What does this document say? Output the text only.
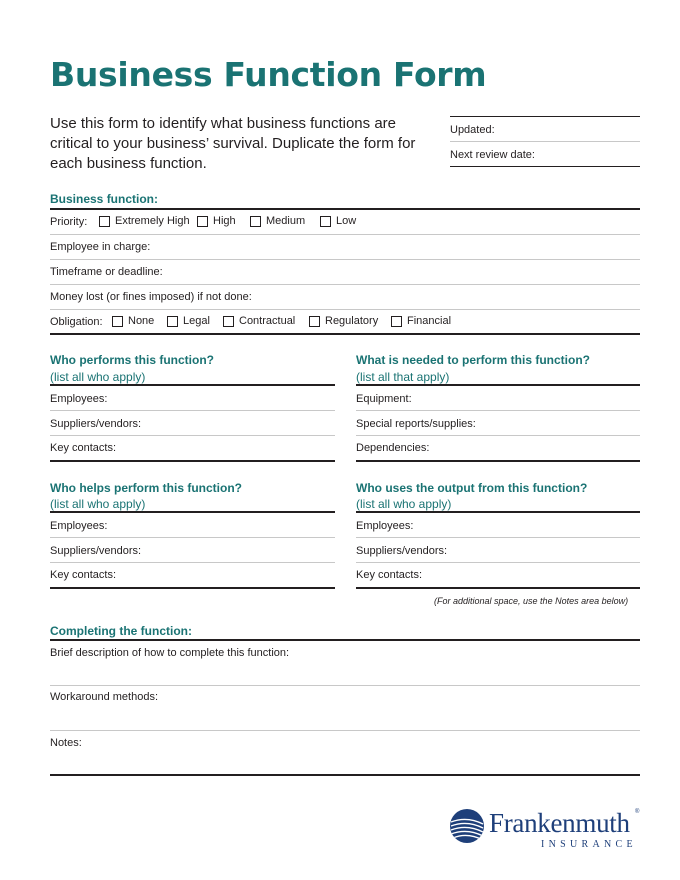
Business Function Form
Use this form to identify what business functions are critical to your business’ survival. Duplicate the form for each business function.
Updated:
Next review date:
Business function:
Priority:	Extremely High High	Medium	Low
Employee in charge:
Timeframe or deadline:
Money lost (or fines imposed) if not done:
Obligation: None	Legal	Contractual	Regulatory	Financial
Who performs this function?
(list all who apply)
Employees:
Suppliers/vendors:
Key contacts:
What is needed to perform this function?
(list all that apply)
Equipment:
Special reports/supplies:
Dependencies:
Who helps perform this function?
(list all who apply)
Employees:
Suppliers/vendors:
Key contacts:
Who uses the output from this function?
(list all who apply)
Employees:
Suppliers/vendors:
Key contacts:
(For additional space, use the Notes area below)
Completing the function:
Brief description of how to complete this function:
Workaround methods:
Notes:
Frankenmuth ®
INSURANCE
